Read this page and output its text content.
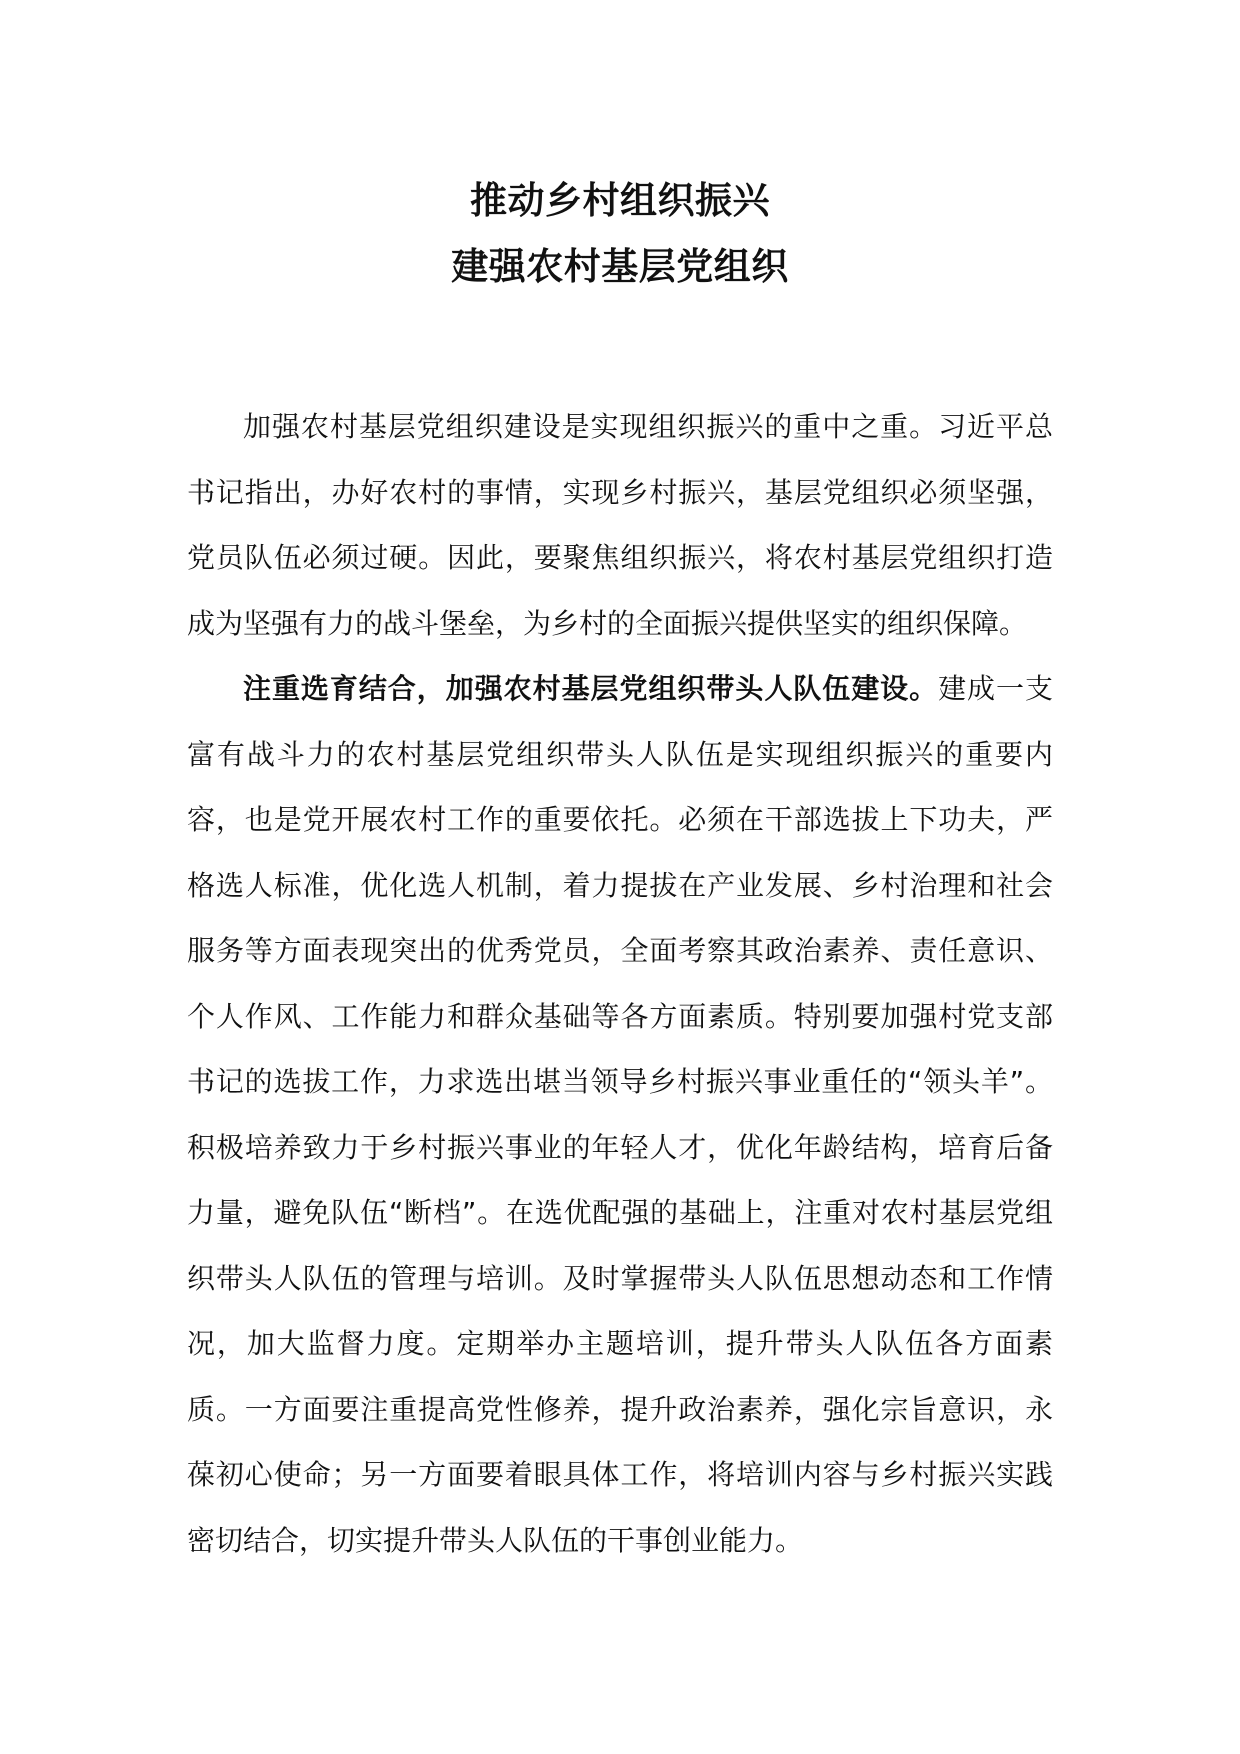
推动乡村组织振兴
建强农村基层党组织

加强农村基层党组织建设是实现组织振兴的重中之重。习近平总书记指出，办好农村的事情，实现乡村振兴，基层党组织必须坚强，党员队伍必须过硬。因此，要聚焦组织振兴，将农村基层党组织打造成为坚强有力的战斗堡垒，为乡村的全面振兴提供坚实的组织保障。

注重选育结合，加强农村基层党组织带头人队伍建设。建成一支富有战斗力的农村基层党组织带头人队伍是实现组织振兴的重要内容，也是党开展农村工作的重要依托。必须在干部选拔上下功夫，严格选人标准，优化选人机制，着力提拔在产业发展、乡村治理和社会服务等方面表现突出的优秀党员，全面考察其政治素养、责任意识、个人作风、工作能力和群众基础等各方面素质。特别要加强村党支部书记的选拔工作，力求选出堪当领导乡村振兴事业重任的“领头羊”。积极培养致力于乡村振兴事业的年轻人才，优化年龄结构，培育后备力量，避免队伍“断档”。在选优配强的基础上，注重对农村基层党组织带头人队伍的管理与培训。及时掌握带头人队伍思想动态和工作情况，加大监督力度。定期举办主题培训，提升带头人队伍各方面素质。一方面要注重提高党性修养，提升政治素养，强化宗旨意识，永葆初心使命；另一方面要着眼具体工作，将培训内容与乡村振兴实践密切结合，切实提升带头人队伍的干事创业能力。
